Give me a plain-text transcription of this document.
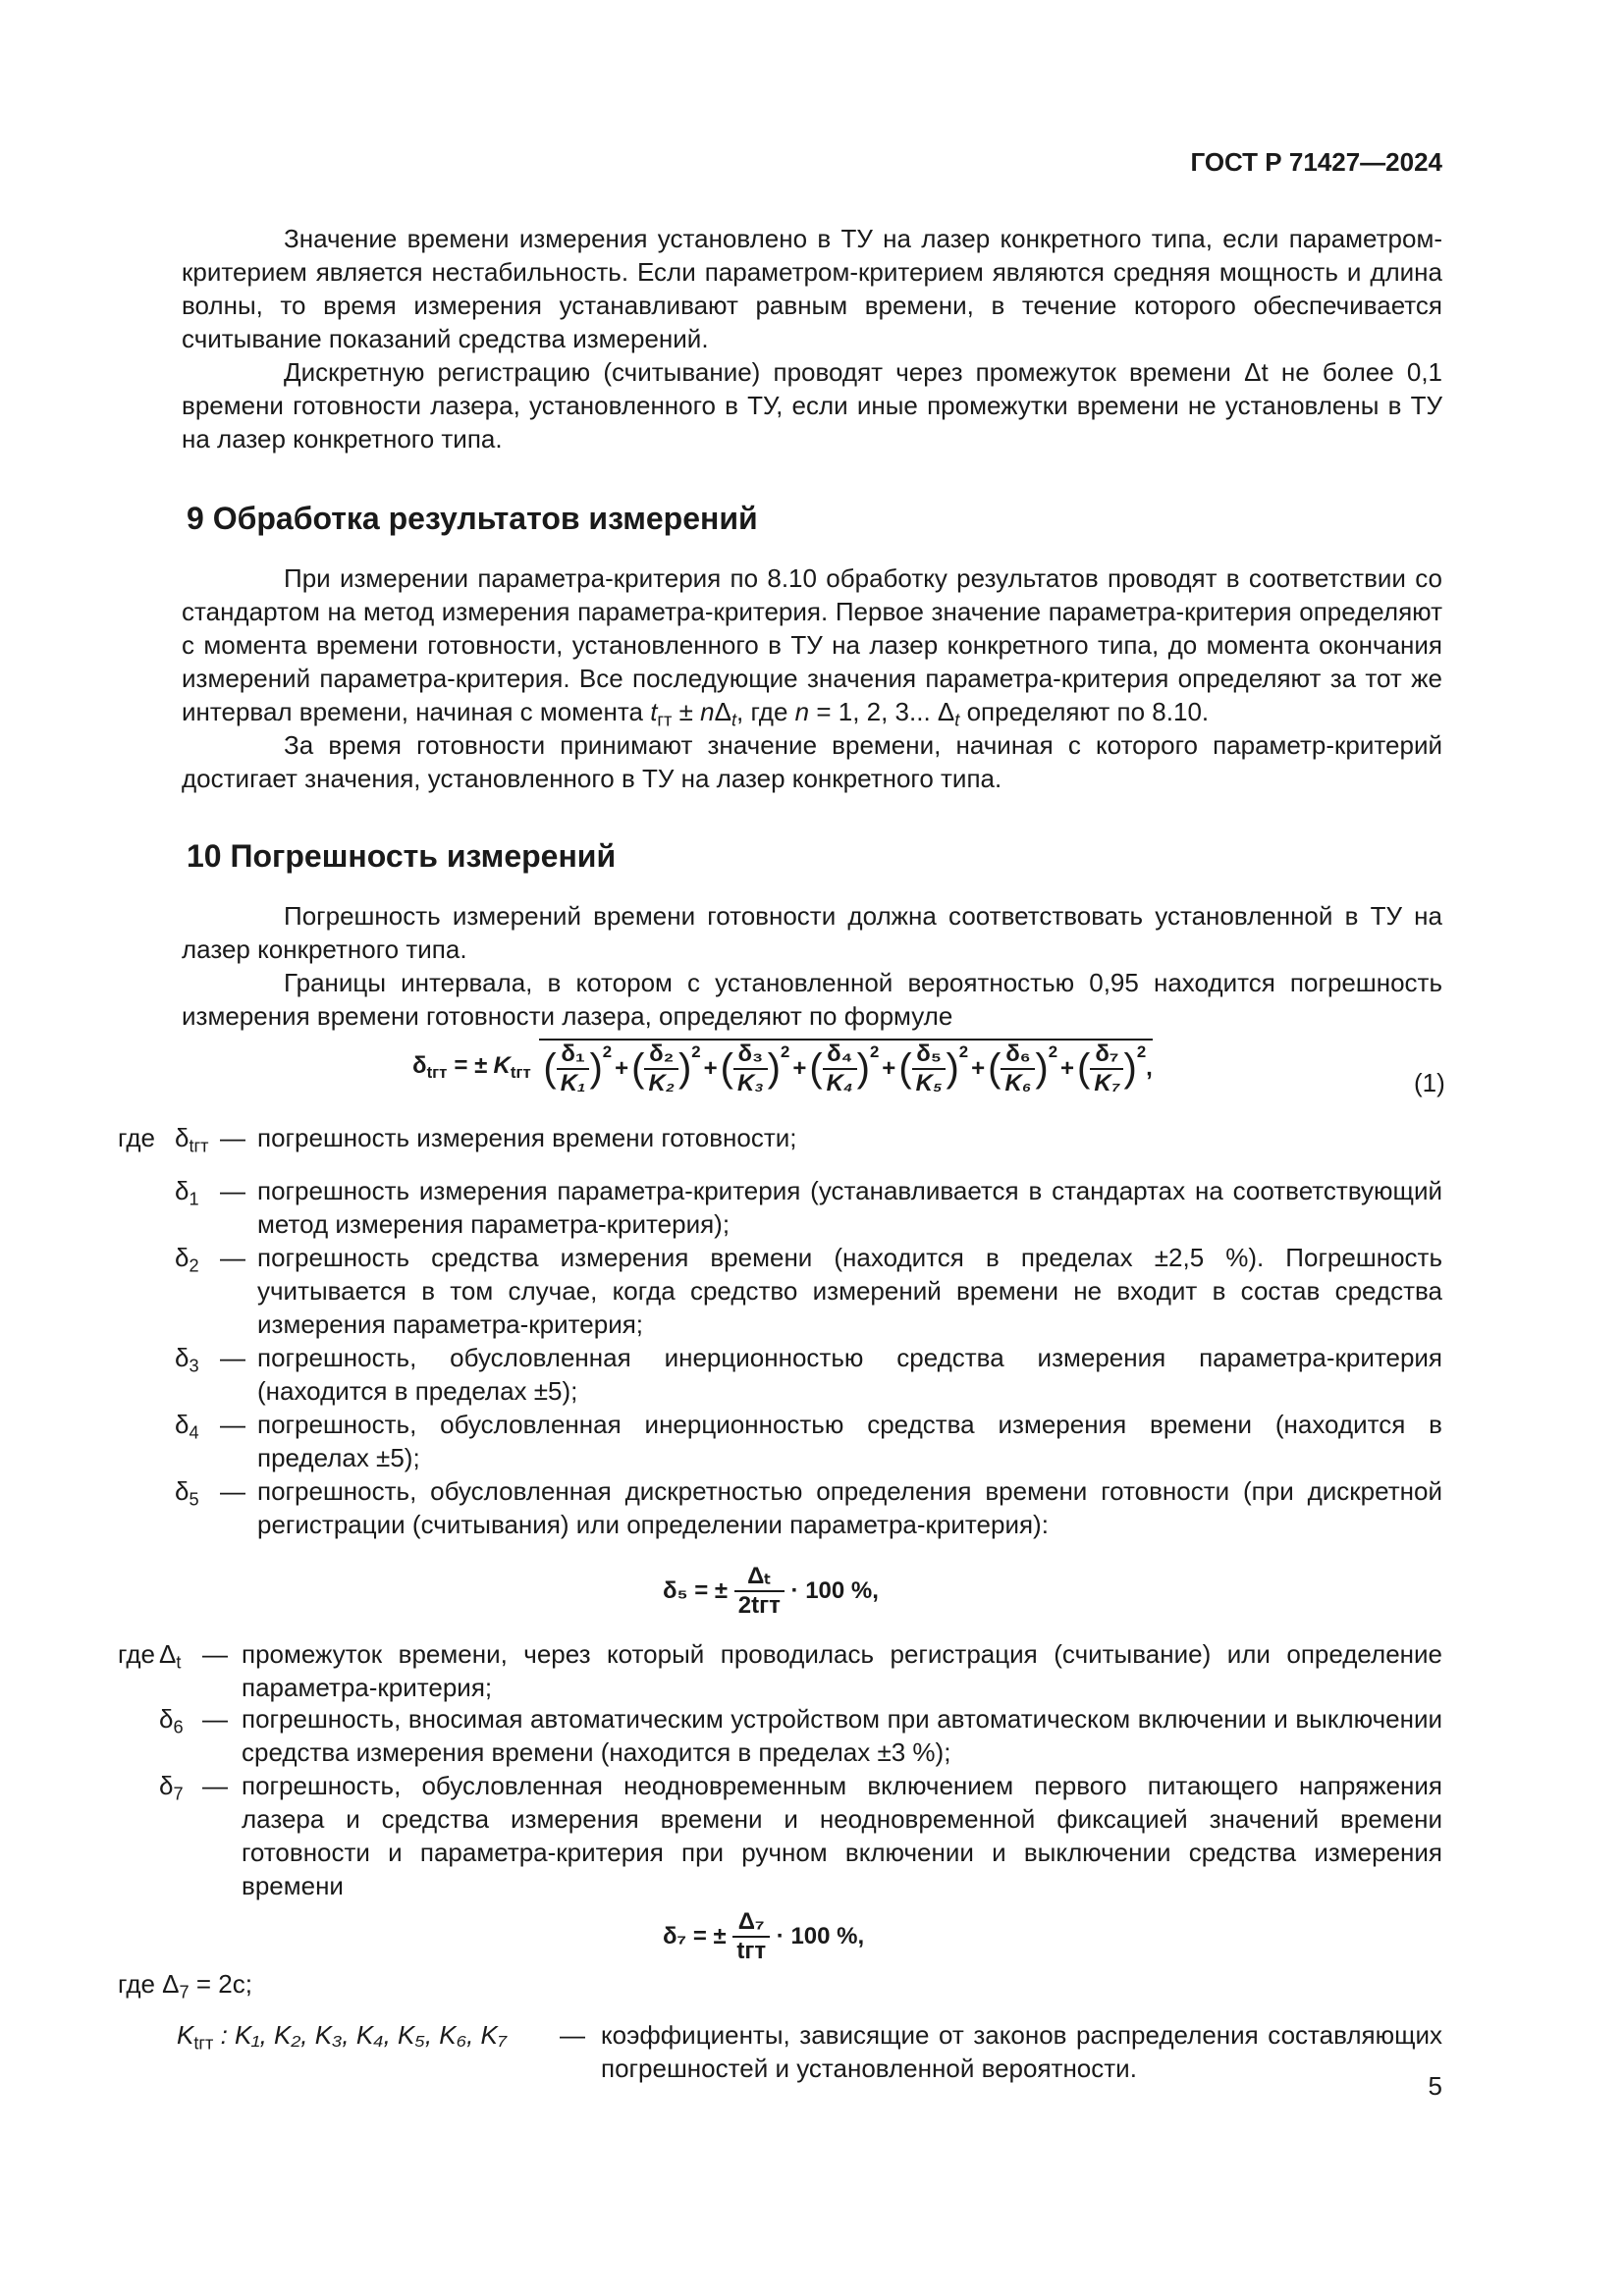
ГОСТ Р 71427—2024

Значение времени измерения установлено в ТУ на лазер конкретного типа, если параметром-критерием является нестабильность. Если параметром-критерием являются средняя мощность и длина волны, то время измерения устанавливают равным времени, в течение которого обеспечивается считывание показаний средства измерений.

Дискретную регистрацию (считывание) проводят через промежуток времени Δt не более 0,1 времени готовности лазера, установленного в ТУ, если иные промежутки времени не установлены в ТУ на лазер конкретного типа.

9 Обработка результатов измерений

При измерении параметра-критерия по 8.10 обработку результатов проводят в соответствии со стандартом на метод измерения параметра-критерия. Первое значение параметра-критерия определяют с момента времени готовности, установленного в ТУ на лазер конкретного типа, до момента окончания измерений параметра-критерия. Все последующие значения параметра-критерия определяют за тот же интервал времени, начиная с момента $t_{гт} \pm n\Delta_t$, где n = 1, 2, 3... $\Delta_t$ определяют по 8.10.

За время готовности принимают значение времени, начиная с которого параметр-критерий достигает значения, установленного в ТУ на лазер конкретного типа.

10 Погрешность измерений

Погрешность измерений времени готовности должна соответствовать установленной в ТУ на лазер конкретного типа.

Границы интервала, в котором с установленной вероятностью 0,95 находится погрешность измерения времени готовности лазера, определяют по формуле

$\delta_{tгт}$ = ± $K_{tгт}$ ( $\frac{\text{δ₁}}{\text{K₁}} )^2+( \frac{\text{δ₂}}{\text{K₂}} )^2+( \frac{\text{δ₃}}{\text{K₃}} )^2+( \frac{\text{δ₄}}{\text{K₄}} )^2+( \frac{\text{δ₅}}{\text{K₅}} )^2+( \frac{\text{δ₆}}{\text{K₆}} )^2+( \frac{\text{δ₇}}{\text{K₇}} )^2$,
(1)
где $\delta_{tгт}$ — погрешность измерения времени готовности;
$\delta_1$ — погрешность измерения параметра-критерия (устанавливается в стандартах на соответствующий метод измерения параметра-критерия);
$\delta_2$ — погрешность средства измерения времени (находится в пределах ±2,5 %). Погрешность учитывается в том случае, когда средство измерений времени не входит в состав средства измерения параметра-критерия;
$\delta_3$ — погрешность, обусловленная инерционностью средства измерения параметра-критерия (находится в пределах ±5);
$\delta_4$ — погрешность, обусловленная инерционностью средства измерения времени (находится в пределах ±5);
$\delta_5$ — погрешность, обусловленная дискретностью определения времени готовности (при дискретной регистрации (считывания) или определении параметра-критерия):
δ₅ = ± $\frac{\text{Δₜ}}{\text{2tгт}} \cdot 100$ %,
где $\Delta_t$ — промежуток времени, через который проводилась регистрация (считывание) или определение параметра-критерия;
$\delta_6$ — погрешность, вносимая автоматическим устройством при автоматическом включении и выключении средства измерения времени (находится в пределах ±3 %);
$\delta_7$ — погрешность, обусловленная неодновременным включением первого питающего напряжения лазера и средства измерения времени и неодновременной фиксацией значений времени готовности и параметра-критерия при ручном включении и выключении средства измерения времени
δ₇ = ± $\frac{\text{Δ₇}}{\text{tгт}} \cdot 100$ %,
где $\Delta_7 = 2с$;
$K_{tгт}$ : K₁, K₂, K₃, K₄, K₅, K₆, K₇ — коэффициенты, зависящие от законов распределения составляющих погрешностей и установленной вероятности.
5
